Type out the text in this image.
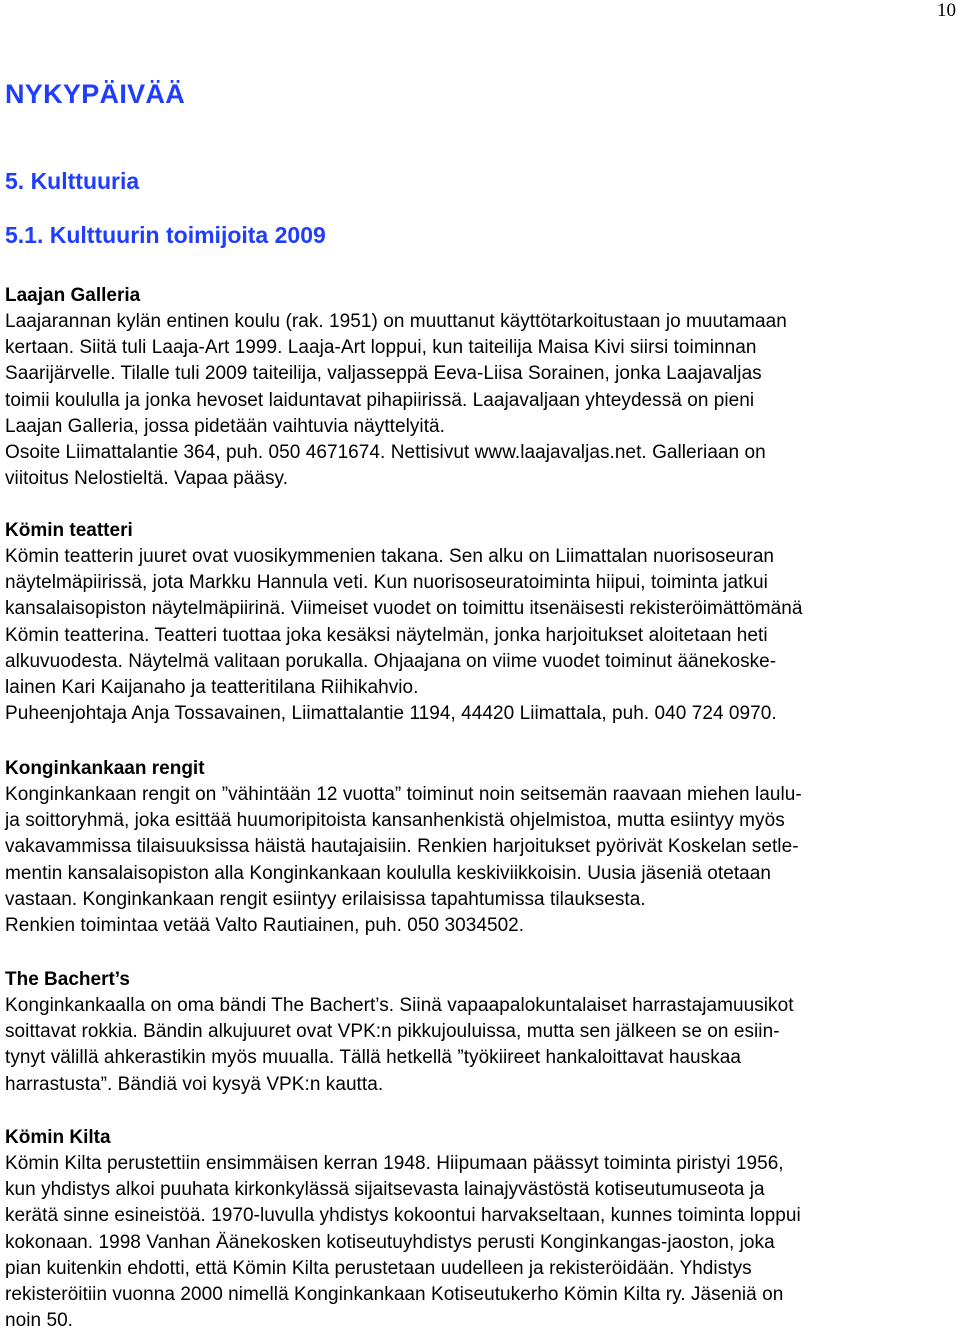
10
NYKYPÄIVÄÄ
5. Kulttuuria
5.1. Kulttuurin toimijoita 2009
Laajan Galleria
Laajarannan kylän entinen koulu (rak. 1951) on muuttanut käyttötarkoitustaan jo muutamaan
kertaan. Siitä tuli Laaja-Art 1999. Laaja-Art loppui, kun taiteilija Maisa Kivi siirsi toiminnan
Saarijärvelle. Tilalle tuli 2009 taiteilija, valjasseppä Eeva-Liisa Sorainen, jonka Laajavaljas
toimii koululla ja jonka hevoset laiduntavat pihapiirissä. Laajavaljaan yhteydessä on pieni
Laajan Galleria, jossa pidetään vaihtuvia näyttelyitä.
Osoite Liimattalantie 364, puh. 050 4671674. Nettisivut www.laajavaljas.net. Galleriaan on
viitoitus Nelostieltä. Vapaa pääsy.
Kömin teatteri
Kömin teatterin juuret ovat vuosikymmenien takana. Sen alku on Liimattalan nuorisoseuran
näytelmäpiirissä, jota Markku Hannula veti. Kun nuorisoseuratoiminta hiipui, toiminta jatkui
kansalaisopiston näytelmäpiirinä. Viimeiset vuodet on toimittu itsenäisesti rekisteröimättömänä
Kömin teatterina. Teatteri tuottaa joka kesäksi näytelmän, jonka harjoitukset aloitetaan heti
alkuvuodesta. Näytelmä valitaan porukalla. Ohjaajana on viime vuodet toiminut äänekoske-
lainen Kari Kaijanaho ja teatteritilana Riihikahvio.
Puheenjohtaja Anja Tossavainen, Liimattalantie 1194, 44420 Liimattala, puh. 040 724 0970.
Konginkankaan rengit
Konginkankaan rengit on ”vähintään 12 vuotta” toiminut noin seitsemän raavaan miehen laulu-
ja soittoryhmä, joka esittää huumoripitoista kansanhenkistä ohjelmistoa, mutta esiintyy myös
vakavammissa tilaisuuksissa häistä hautajaisiin. Renkien harjoitukset pyörivät Koskelan setle-
mentin kansalaisopiston alla Konginkankaan koululla keskiviikkoisin. Uusia jäseniä otetaan
vastaan. Konginkankaan rengit esiintyy erilaisissa tapahtumissa tilauksesta.
Renkien toimintaa vetää Valto Rautiainen, puh. 050 3034502.
The Bachert’s
Konginkankaalla on oma bändi The Bachert’s. Siinä vapaapalokuntalaiset harrastajamuusikot
soittavat rokkia. Bändin alkujuuret ovat VPK:n pikkujouluissa, mutta sen jälkeen se on esiin-
tynyt välillä ahkerastikin myös muualla. Tällä hetkellä ”työkiireet hankaloittavat hauskaa
harrastusta”. Bändiä voi kysyä VPK:n kautta.
Kömin Kilta
Kömin Kilta perustettiin ensimmäisen kerran 1948. Hiipumaan päässyt toiminta piristyi 1956,
kun yhdistys alkoi puuhata kirkonkylässä sijaitsevasta lainajyvästöstä kotiseutumuseota ja
kerätä sinne esineistöä. 1970-luvulla yhdistys kokoontui harvakseltaan, kunnes toiminta loppui
kokonaan. 1998 Vanhan Äänekosken kotiseutuyhdistys perusti Konginkangas-jaoston, joka
pian kuitenkin ehdotti, että Kömin Kilta perustetaan uudelleen ja rekisteröidään. Yhdistys
rekisteröitiin vuonna 2000 nimellä Konginkankaan Kotiseutukerho Kömin Kilta ry. Jäseniä on
noin 50.
